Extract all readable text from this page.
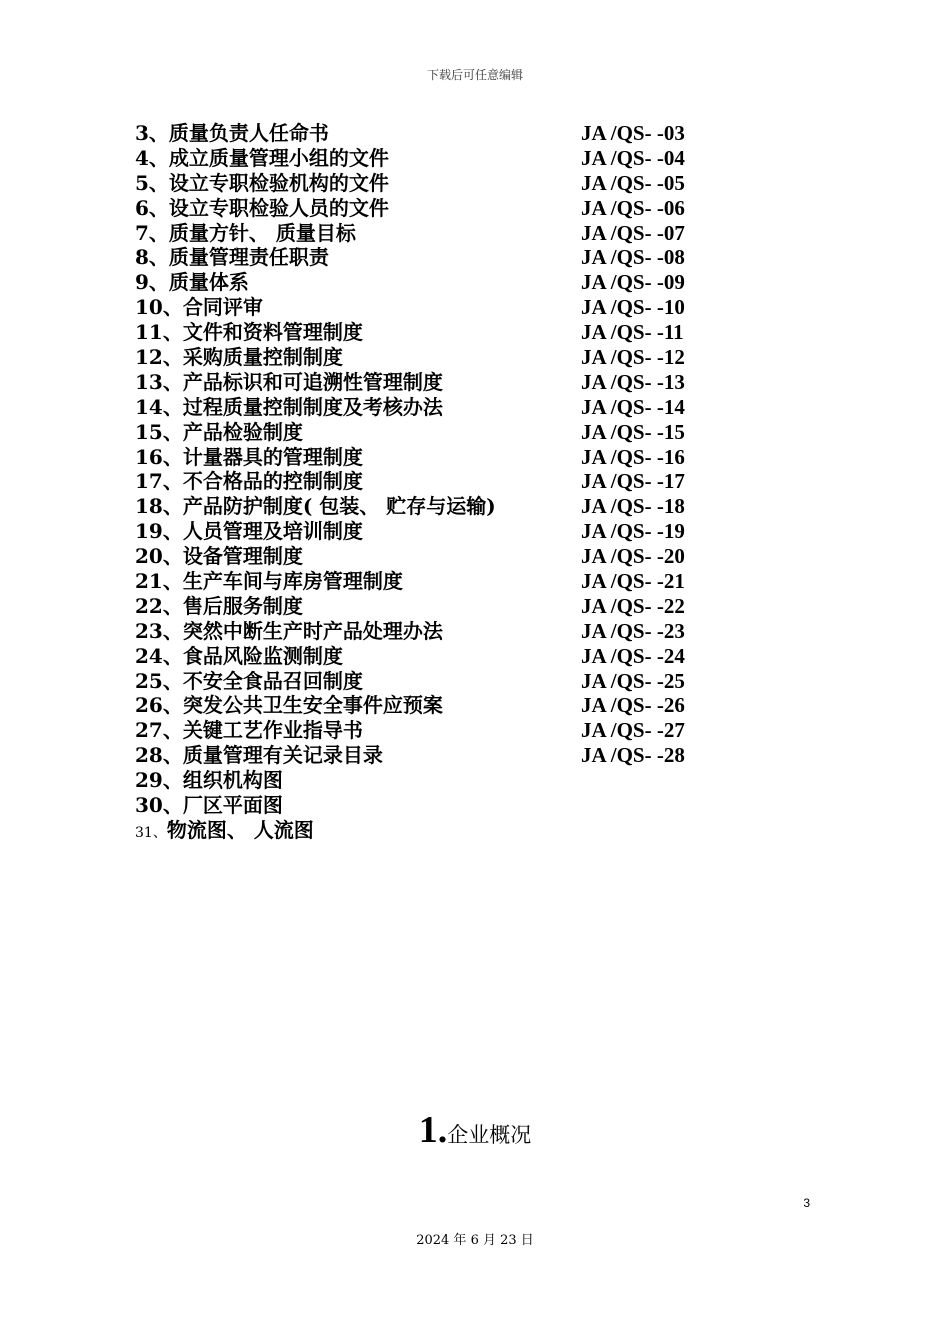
下载后可任意编辑
3、质量负责人任命书	JA /QS- -03
4、成立质量管理小组的文件	JA /QS- -04
5、设立专职检验机构的文件	JA /QS- -05
6、设立专职检验人员的文件	JA /QS- -06
7、质量方针、 质量目标	JA /QS- -07
8、质量管理责任职责	JA /QS- -08
9、质量体系	JA /QS- -09
10、合同评审	JA /QS- -10
11、文件和资料管理制度	JA /QS- -11
12、采购质量控制制度	JA /QS- -12
13、产品标识和可追溯性管理制度	JA /QS- -13
14、过程质量控制制度及考核办法	JA /QS- -14
15、产品检验制度	JA /QS- -15
16、计量器具的管理制度	JA /QS- -16
17、不合格品的控制制度	JA /QS- -17
18、产品防护制度( 包装、 贮存与运输)	JA /QS- -18
19、人员管理及培训制度	JA /QS- -19
20、设备管理制度	JA /QS- -20
21、生产车间与库房管理制度	JA /QS- -21
22、售后服务制度	JA /QS- -22
23、突然中断生产时产品处理办法	JA /QS- -23
24、食品风险监测制度	JA /QS- -24
25、不安全食品召回制度	JA /QS- -25
26、突发公共卫生安全事件应预案	JA /QS- -26
27、关键工艺作业指导书	JA /QS- -27
28、质量管理有关记录目录	JA /QS- -28
29、组织机构图
30、厂区平面图
31、物流图、 人流图
1.企业概况
3
2024 年 6 月 23 日
